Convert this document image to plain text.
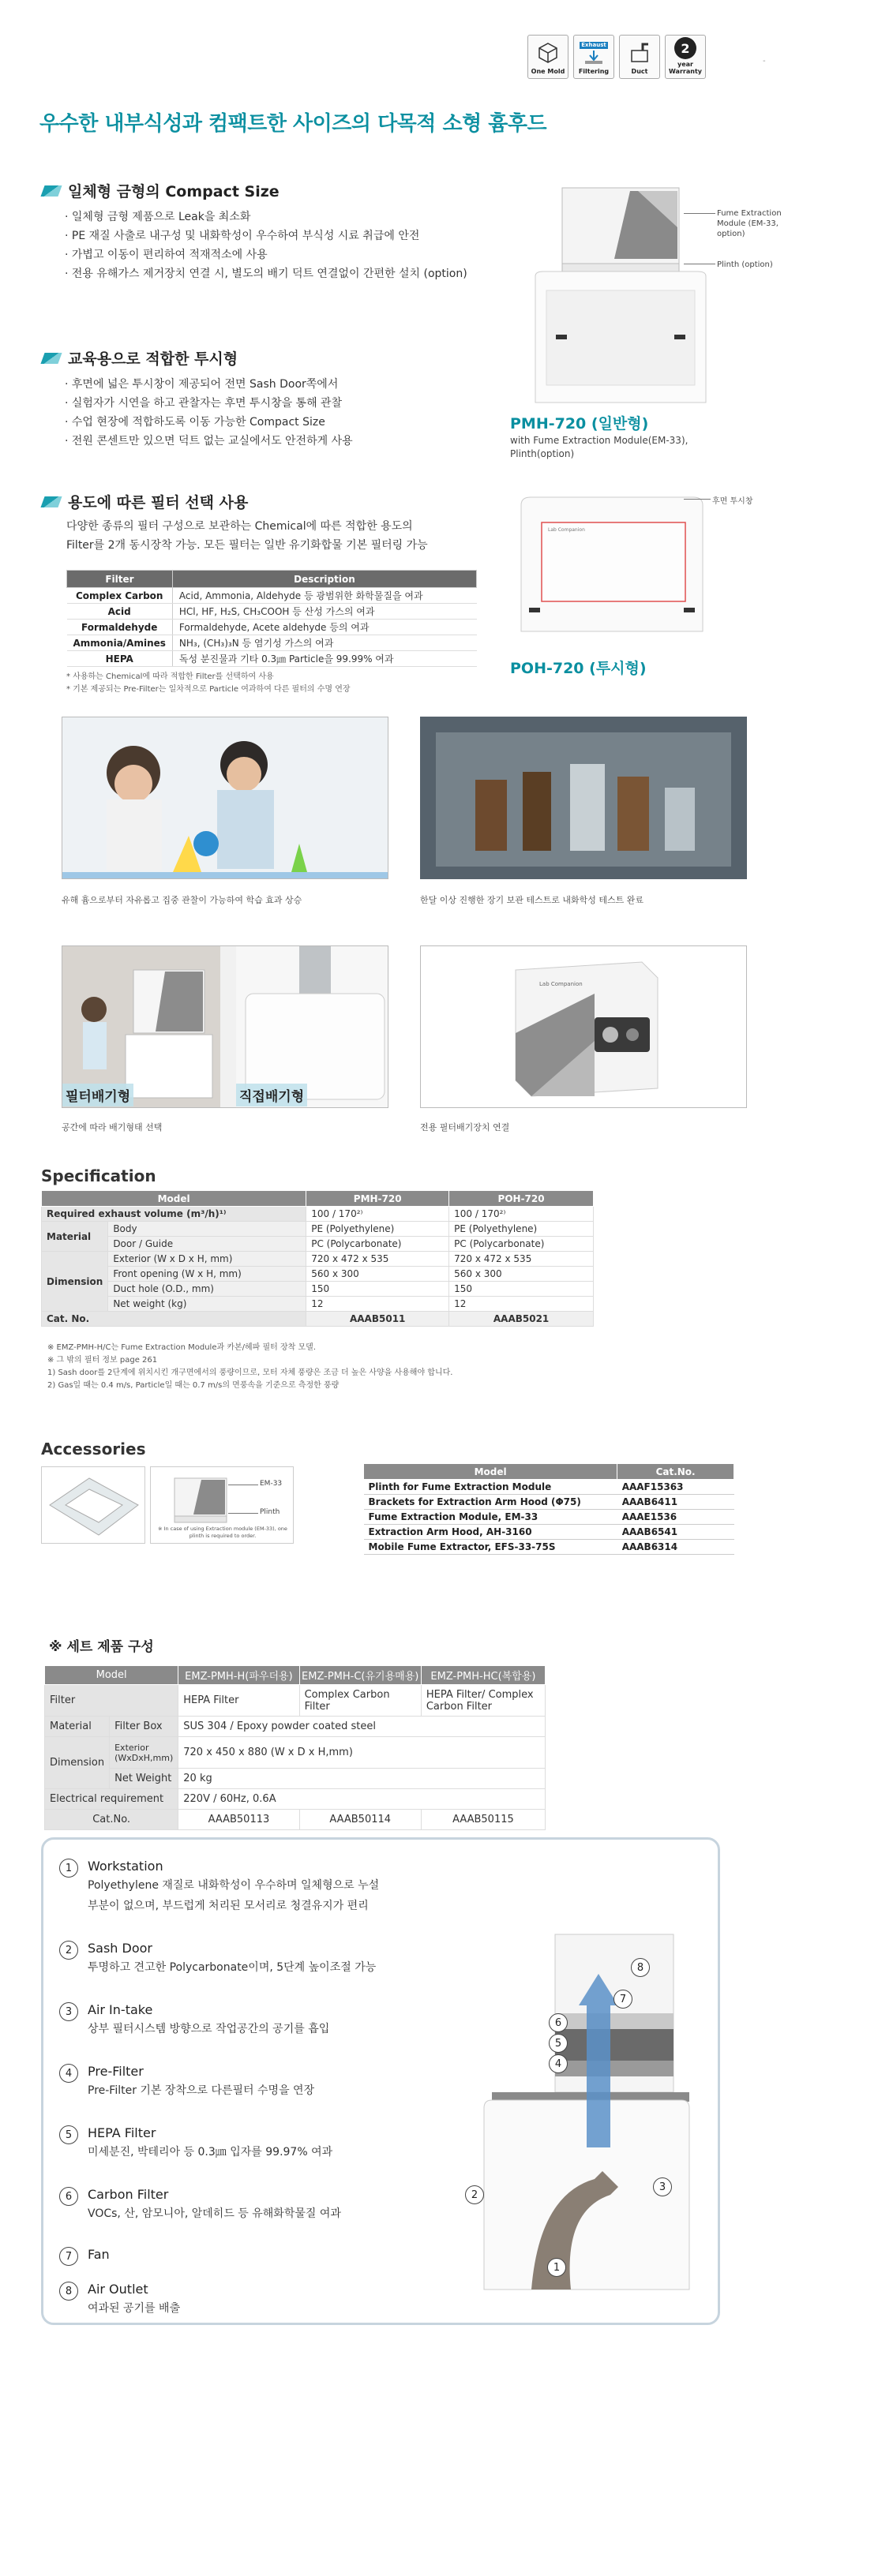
One Mold
Exhaust
Filtering	Duct
2
year Warranty
-
우수한 내부식성과 컴팩트한 사이즈의 다목적 소형 흄후드
일체형 금형의 Compact Size
· 일체형 금형 제품으로 Leak을 최소화
· PE 재질 사출로 내구성 및 내화학성이 우수하여 부식성 시료 취급에 안전
· 가볍고 이동이 편리하여 적재적소에 사용
· 전용 유해가스 제거장치 연결 시, 별도의 배기 덕트 연결없이 간편한 설치 (option)
교육용으로 적합한 투시형
· 후면에 넓은 투시창이 제공되어 전면 Sash Door쪽에서
· 실험자가 시연을 하고 관찰자는 후면 투시창을 통해 관찰
· 수업 현장에 적합하도록 이동 가능한 Compact Size
· 전원 콘센트만 있으면 덕트 없는 교실에서도 안전하게 사용
용도에 따른 필터 선택 사용
다양한 종류의 필터 구성으로 보관하는 Chemical에 따른 적합한 용도의
Filter를 2개 동시장착 가능. 모든 필터는 일반 유기화합물 기본 필터링 가능
Filter	Description
Complex Carbon	Acid, Ammonia, Aldehyde 등 광범위한 화학물질을 여과
Acid	HCl, HF, H₂S, CH₃COOH 등 산성 가스의 여과
Formaldehyde	Formaldehyde, Acete aldehyde 등의 여과
Ammonia/Amines	NH₃, (CH₃)₃N 등 염기성 가스의 여과
HEPA	독성 분진물과 기타 0.3㎛ Particle을 99.99% 여과
* 사용하는 Chemical에 따라 적합한 Filter를 선택하여 사용
* 기본 제공되는 Pre-Filter는 일차적으로 Particle 여과하여 다른 필터의 수명 연장
Fume Extraction Module (EM-33, option)
Plinth (option)
PMH-720 (일반형)
with Fume Extraction Module(EM-33),
Plinth(option)
Lab Companion
후면 투시창
POH-720 (투시형)
유해 흄으로부터 자유롭고 집중 관찰이 가능하여 학습 효과 상승	한달 이상 진행한 장기 보관 테스트로 내화학성 테스트 완료
필터배기형	직접배기형
Lab Companion
공간에 따라 배기형태 선택	전용 필터배기장치 연결
Specification
Model		PMH-720	POH-720
Required exhaust volume (m³/h)¹⁾		100 / 170²⁾	100 / 170²⁾
Material	Body	PE (Polyethylene)	PE (Polyethylene)
	Door / Guide	PC (Polycarbonate)	PC (Polycarbonate)
Dimension	Exterior (W x D x H, mm)	720 x 472 x 535	720 x 472 x 535
	Front opening (W x H, mm)	560 x 300	560 x 300
	Duct hole (O.D., mm)	150	150
	Net weight (kg)	12	12
Cat. No.		AAAB5011	AAAB5021
※ EMZ-PMH-H/C는 Fume Extraction Module과 카본/헤파 필터 장착 모델.
※ 그 밖의 필터 정보 page 261
1) Sash door를 2단계에 위치시킨 개구면에서의 풍량이므로, 모터 자체 풍량은 조금 더 높은 사양을 사용해야 합니다.
2) Gas일 때는 0.4 m/s, Particle일 때는 0.7 m/s의 면풍속을 기준으로 측정한 풍량
Accessories
EM-33
Plinth
※ In case of using Extraction module (EM-33), one plinth is required to order.
Model	Cat.No.
Plinth for Fume Extraction Module	AAAF15363
Brackets for Extraction Arm Hood (Φ75)	AAAB6411
Fume Extraction Module, EM-33	AAAE1536
Extraction Arm Hood, AH-3160	AAAB6541
Mobile Fume Extractor, EFS-33-75S	AAAB6314
※ 세트 제품 구성
Model		EMZ-PMH-H(파우더용)	EMZ-PMH-C(유기용매용)	EMZ-PMH-HC(복합용)
Filter		HEPA Filter	Complex Carbon Filter	HEPA Filter/ Complex Carbon Filter
Material	Filter Box	SUS 304 / Epoxy powder coated steel		
Dimension	Exterior (WxDxH,mm)	720 x 450 x 880 (W x D x H,mm)		
	Net Weight	20 kg		
Electrical requirement		220V / 60Hz, 0.6A		
Cat.No.		AAAB50113	AAAB50114	AAAB50115
1	Workstation
Polyethylene 재질로 내화학성이 우수하며 일체형으로 누설
부분이 없으며, 부드럽게 처리된 모서리로 청결유지가 편리
2	Sash Door
투명하고 견고한 Polycarbonate이며, 5단계 높이조절 가능
3	Air In-take
상부 필터시스템 방향으로 작업공간의 공기를 흡입
4	Pre-Filter
Pre-Filter 기본 장착으로 다른필터 수명을 연장
5	HEPA Filter
미세분진, 박테리아 등 0.3㎛ 입자를 99.97% 여과
6	Carbon Filter
VOCs, 산, 암모니아, 알데히드 등 유해화학물질 여과
7	Fan
8	Air Outlet
여과된 공기를 배출
8
7
6
5
4
2
3
1
